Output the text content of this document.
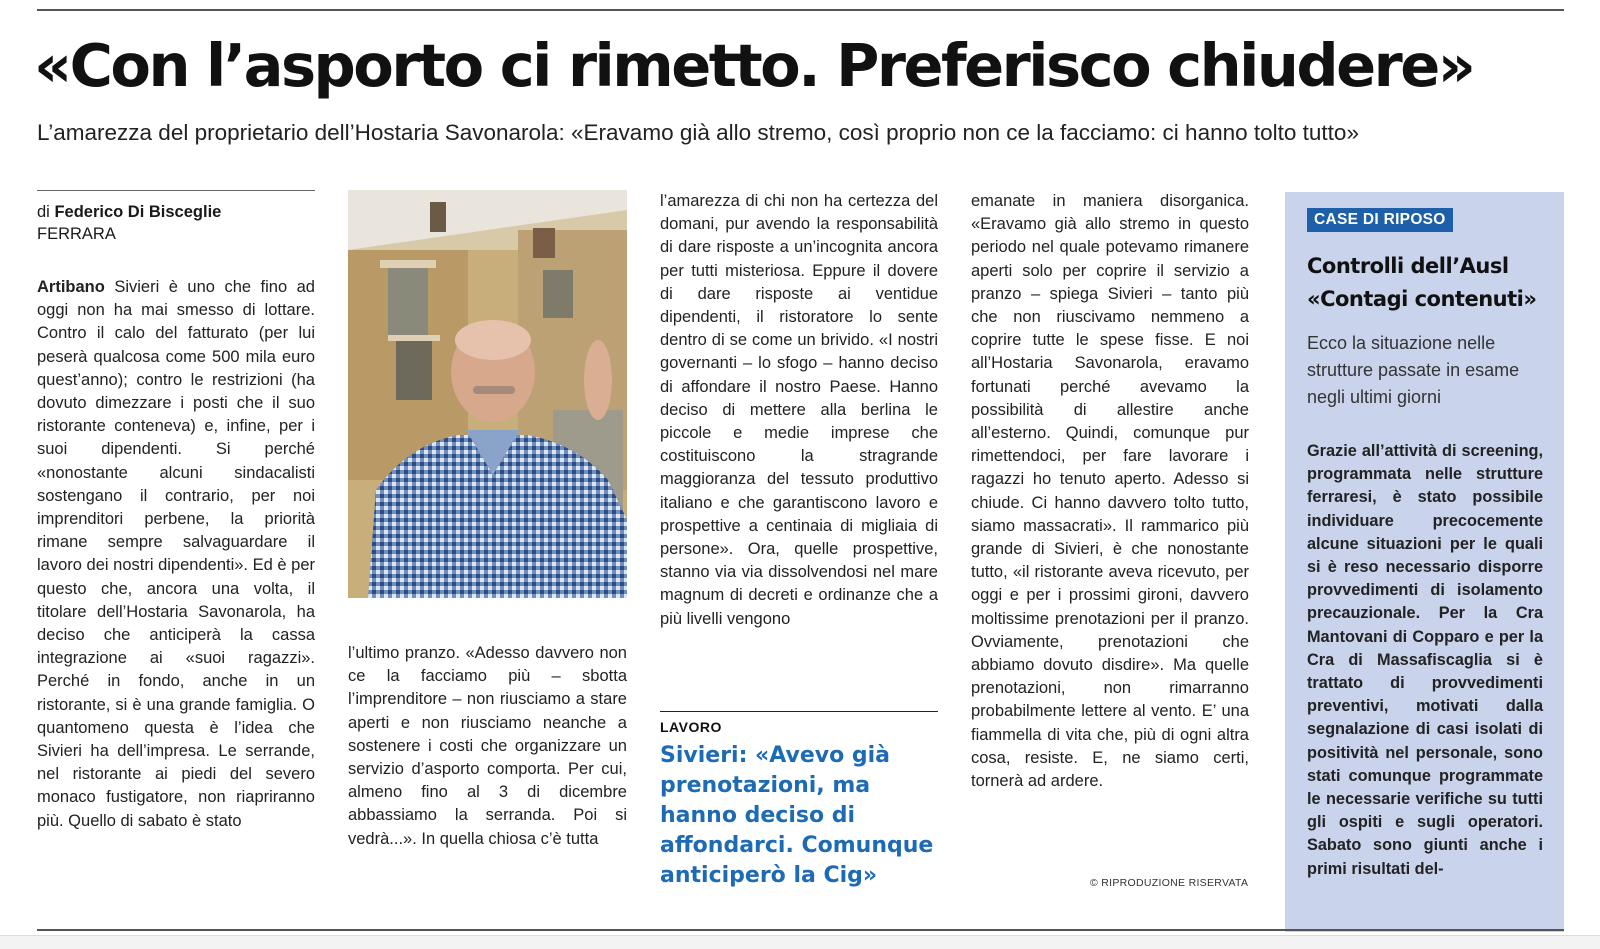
«Con l’asporto ci rimetto. Preferisco chiudere»
L’amarezza del proprietario dell’Hostaria Savonarola: «Eravamo già allo stremo, così proprio non ce la facciamo: ci hanno tolto tutto»
di Federico Di Bisceglie
FERRARA

Artibano Sivieri è uno che fino ad oggi non ha mai smesso di lottare. Contro il calo del fatturato (per lui peserà qualcosa come 500 mila euro quest’anno); contro le restrizioni (ha dovuto dimezzare i posti che il suo ristorante conteneva) e, infine, per i suoi dipendenti. Si perché «nonostante alcuni sindacalisti sostengano il contrario, per noi imprenditori perbene, la priorità rimane sempre salvaguardare il lavoro dei nostri dipendenti». Ed è per questo che, ancora una volta, il titolare dell’Hostaria Savonarola, ha deciso che anticiperà la cassa integrazione ai «suoi ragazzi». Perché in fondo, anche in un ristorante, si è una grande famiglia. O quantomeno questa è l’idea che Sivieri ha dell’impresa. Le serrande, nel ristorante ai piedi del severo monaco fustigatore, non riapriranno più. Quello di sabato è stato

l’ultimo pranzo. «Adesso davvero non ce la facciamo più – sbotta l’imprenditore – non riusciamo a stare aperti e non riusciamo neanche a sostenere i costi che organizzare un servizio d’asporto comporta. Per cui, almeno fino al 3 di dicembre abbassiamo la serranda. Poi si vedrà...». In quella chiosa c’è tutta

l’amarezza di chi non ha certezza del domani, pur avendo la responsabilità di dare risposte a un’incognita ancora per tutti misteriosa. Eppure il dovere di dare risposte ai ventidue dipendenti, il ristoratore lo sente dentro di se come un brivido. «I nostri governanti – lo sfogo – hanno deciso di affondare il nostro Paese. Hanno deciso di mettere alla berlina le piccole e medie imprese che costituiscono la stragrande maggioranza del tessuto produttivo italiano e che garantiscono lavoro e prospettive a centinaia di migliaia di persone». Ora, quelle prospettive, stanno via via dissolvendosi nel mare magnum di decreti e ordinanze che a più livelli vengono

LAVORO
Sivieri: «Avevo già prenotazioni, ma hanno deciso di affondarci. Comunque anticiperò la Cig»

emanate in maniera disorganica. «Eravamo già allo stremo in questo periodo nel quale potevamo rimanere aperti solo per coprire il servizio a pranzo – spiega Sivieri – tanto più che non riuscivamo nemmeno a coprire tutte le spese fisse. E noi all’Hostaria Savonarola, eravamo fortunati perché avevamo la possibilità di allestire anche all’esterno. Quindi, comunque pur rimettendoci, per fare lavorare i ragazzi ho tenuto aperto. Adesso si chiude. Ci hanno davvero tolto tutto, siamo massacrati». Il rammarico più grande di Sivieri, è che nonostante tutto, «il ristorante aveva ricevuto, per oggi e per i prossimi gironi, davvero moltissime prenotazioni per il pranzo. Ovviamente, prenotazioni che abbiamo dovuto disdire». Ma quelle prenotazioni, non rimarranno probabilmente lettere al vento. E’ una fiammella di vita che, più di ogni altra cosa, resiste. E, ne siamo certi, tornerà ad ardere.

© RIPRODUZIONE RISERVATA
CASE DI RIPOSO
Controlli dell’Ausl
«Contagi contenuti»
Ecco la situazione nelle strutture passate in esame negli ultimi giorni

Grazie all’attività di screening, programmata nelle strutture ferraresi, è stato possibile individuare precocemente alcune situazioni per le quali si è reso necessario disporre provvedimenti di isolamento precauzionale. Per la Cra Mantovani di Copparo e per la Cra di Massafiscaglia si è trattato di provvedimenti preventivi, motivati dalla segnalazione di casi isolati di positività nel personale, sono stati comunque programmate le necessarie verifiche su tutti gli ospiti e sugli operatori. Sabato sono giunti anche i primi risultati del-
